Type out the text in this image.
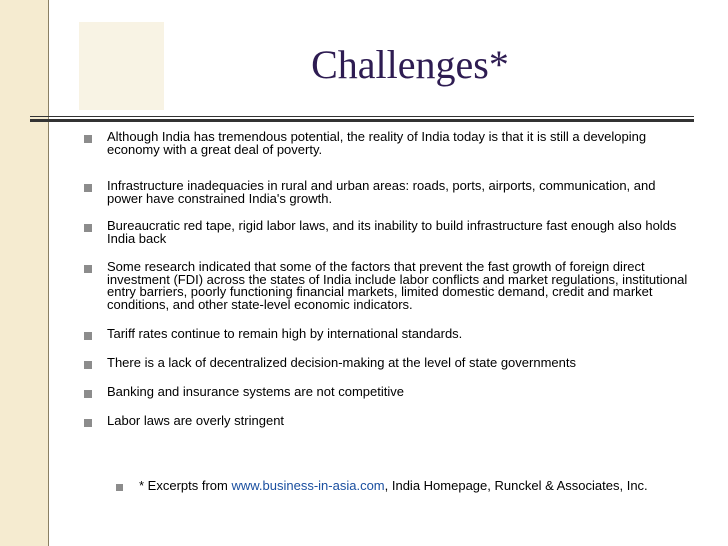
Challenges*
Although India has tremendous potential, the reality of India today is that it is still a developing economy with a great deal of poverty.
Infrastructure inadequacies in rural and urban areas: roads, ports, airports, communication, and power have constrained India's growth.
Bureaucratic red tape, rigid labor laws, and its inability to build infrastructure fast enough also holds India back
Some research indicated that some of the factors that prevent the fast growth of foreign direct investment (FDI) across the states of India include labor conflicts and market regulations, institutional entry barriers, poorly functioning financial markets, limited domestic demand, credit and market conditions, and other state-level economic indicators.
Tariff rates continue to remain high by international standards.
There is a lack of decentralized decision-making at the level of state governments
Banking and insurance systems are not competitive
Labor laws are overly stringent
* Excerpts from www.business-in-asia.com, India Homepage, Runckel & Associates, Inc.
